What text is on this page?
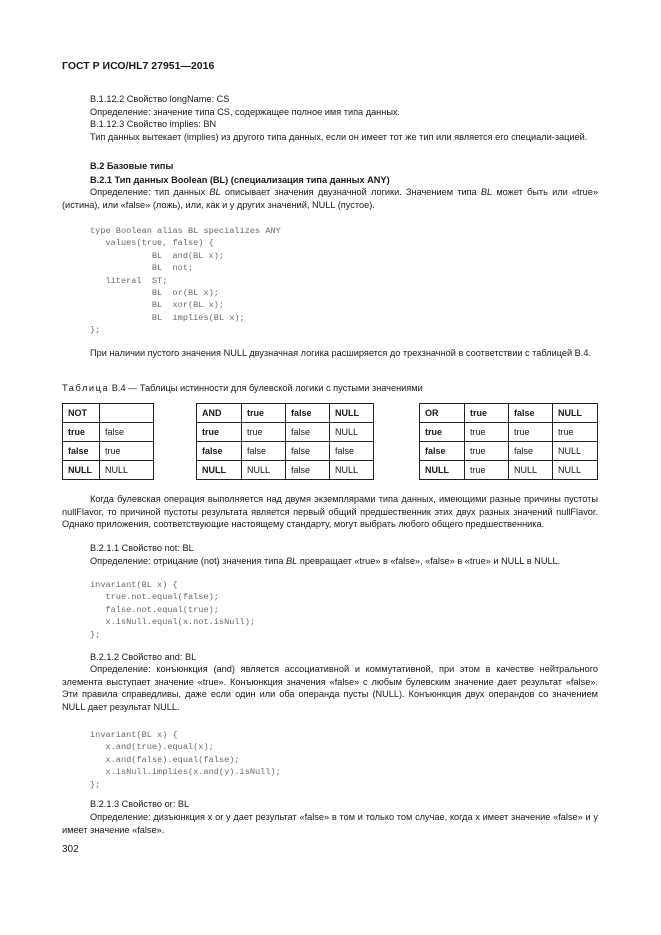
ГОСТ Р ИСО/HL7 27951—2016
B.1.12.2 Свойство longName: CS
Определение: значение типа CS, содержащее полное имя типа данных.
B.1.12.3 Свойство implies: BN
Тип данных вытекает (implies) из другого типа данных, если он имеет тот же тип или является его специали-зацией.
B.2 Базовые типы
B.2.1 Тип данных Boolean (BL) (специализация типа данных ANY)
Определение: тип данных BL описывает значения двузначной логики. Значением типа BL может быть или «true» (истина), или «false» (ложь), или, как и у других значений, NULL (пустое).
type Boolean alias BL specializes ANY
values(true, false) {
BL  and(BL x);
BL  not;
literal  ST;
BL  or(BL x);
BL  xor(BL x);
BL  implies(BL x);
};
При наличии пустого значения NULL двузначная логика расширяется до трехзначной в соответствии с таблицей B.4.
Таблица B.4 — Таблицы истинности для булевской логики с пустыми значениями
NOT	
true	false
false	true
NULL	NULL
AND	true	false	NULL
true	true	false	NULL
false	false	false	false
NULL	NULL	false	NULL
OR	true	false	NULL
true	true	true	true
false	true	false	NULL
NULL	true	NULL	NULL
Когда булевская операция выполняется над двумя экземплярами типа данных, имеющими разные причины пустоты nullFlavor, то причиной пустоты результата является первый общий предшественник этих двух разных значений nullFlavor. Однако приложения, соответствующие настоящему стандарту, могут выбрать любого общего предшественника.
B.2.1.1 Свойство not: BL
Определение: отрицание (not) значения типа BL превращает «true» в «false», «false» в «true» и NULL в NULL.
invariant(BL x) {
true.not.equal(false);
false.not.equal(true);
x.isNull.equal(x.not.isNull);
};
B.2.1.2 Свойство and: BL
Определение: конъюнкция (and) является ассоциативной и коммутативной, при этом в качестве нейтрального элемента выступает значение «true». Конъюнкция значения «false» с любым булевским значение дает результат «false». Эти правила справедливы, даже если один или оба операнда пусты (NULL). Конъюнкция двух операндов со значением NULL дает результат NULL.
invariant(BL x) {
x.and(true).equal(x);
x.and(false).equal(false);
x.isNull.implies(x.and(y).isNull);
};
B.2.1.3 Свойство or: BL
Определение: дизъюнкция x or y дает результат «false» в том и только том случае, когда x имеет значение «false» и y имеет значение «false».
302
